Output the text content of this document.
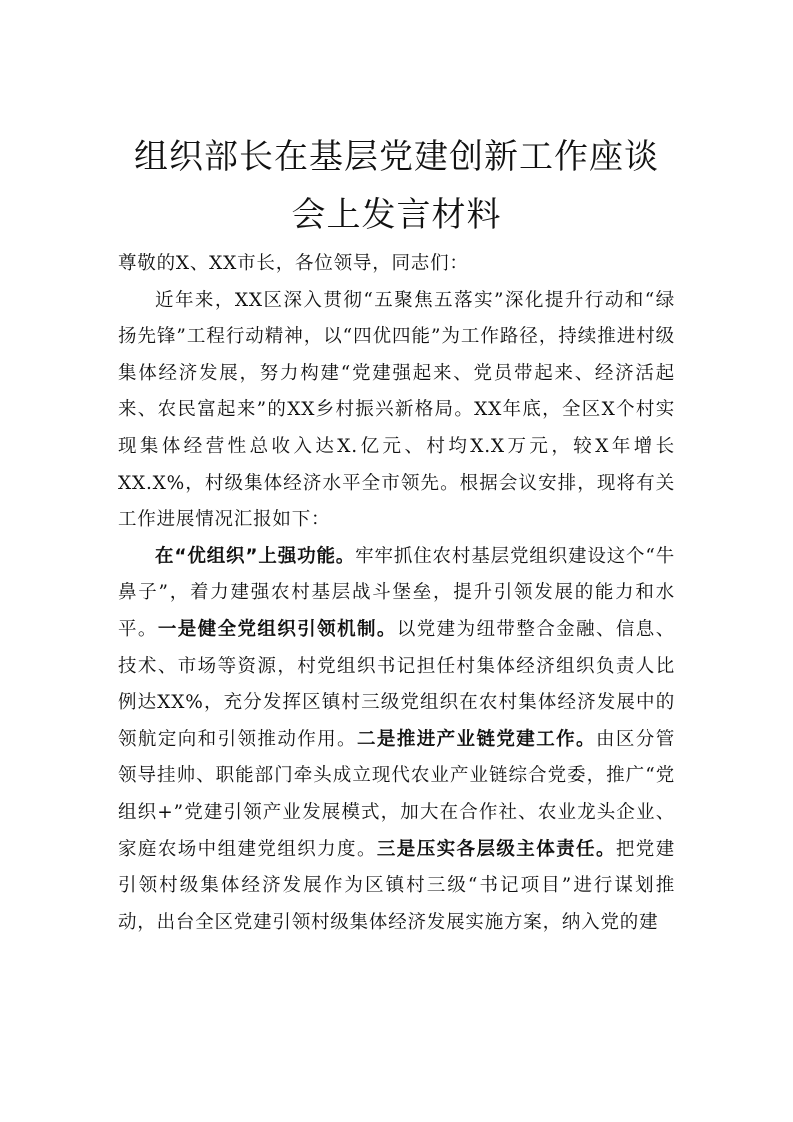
组织部长在基层党建创新工作座谈会上发言材料

尊敬的X、XX市长，各位领导，同志们：

近年来，XX区深入贯彻“五聚焦五落实”深化提升行动和“绿扬先锋”工程行动精神，以“四优四能”为工作路径，持续推进村级集体经济发展，努力构建“党建强起来、党员带起来、经济活起来、农民富起来”的XX乡村振兴新格局。XX年底，全区X个村实现集体经营性总收入达X.亿元、村均X.X万元，较X年增长XX.X%，村级集体经济水平全市领先。根据会议安排，现将有关工作进展情况汇报如下：

在“优组织”上强功能。牢牢抓住农村基层党组织建设这个“牛鼻子”，着力建强农村基层战斗堡垒，提升引领发展的能力和水平。一是健全党组织引领机制。以党建为纽带整合金融、信息、技术、市场等资源，村党组织书记担任村集体经济组织负责人比例达XX%，充分发挥区镇村三级党组织在农村集体经济发展中的领航定向和引领推动作用。二是推进产业链党建工作。由区分管领导挂帅、职能部门牵头成立现代农业产业链综合党委，推广“党组织+”党建引领产业发展模式，加大在合作社、农业龙头企业、家庭农场中组建党组织力度。三是压实各层级主体责任。把党建引领村级集体经济发展作为区镇村三级“书记项目”进行谋划推动，出台全区党建引领村级集体经济发展实施方案，纳入党的建
